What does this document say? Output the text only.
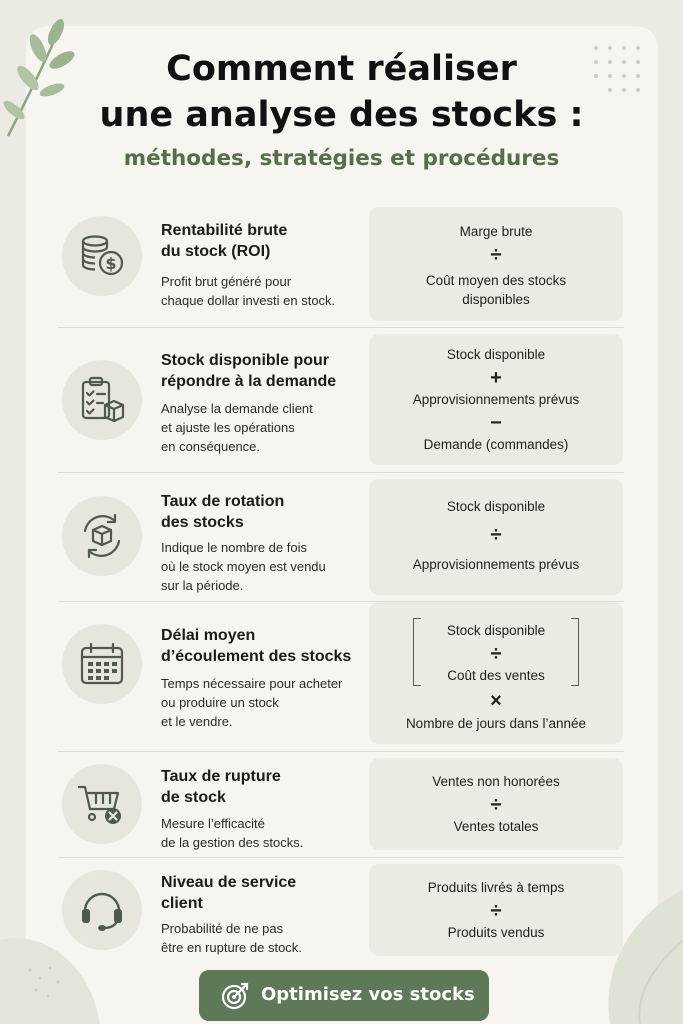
Comment réaliser
une analyse des stocks :
méthodes, stratégies et procédures
$
Rentabilité brute
du stock (ROI)
Profit brut généré pour
chaque dollar investi en stock.
Marge brute
÷
Coût moyen des stocks
disponibles
Stock disponible pour
répondre à la demande
Analyse la demande client
et ajuste les opérations
en conséquence.
Stock disponible
+
Approvisionnements prévus
−
Demande (commandes)
Taux de rotation
des stocks
Indique le nombre de fois
où le stock moyen est vendu
sur la période.
Stock disponible
÷
Approvisionnements prévus
Délai moyen
d’écoulement des stocks
Temps nécessaire pour acheter
ou produire un stock
et le vendre.
Stock disponible
÷
Coût des ventes
×
Nombre de jours dans l’année
Taux de rupture
de stock
Mesure l’efficacité
de la gestion des stocks.
Ventes non honorées
÷
Ventes totales
Niveau de service
client
Probabilité de ne pas
être en rupture de stock.
Produits livrés à temps
÷
Produits vendus
Optimisez vos stocks
